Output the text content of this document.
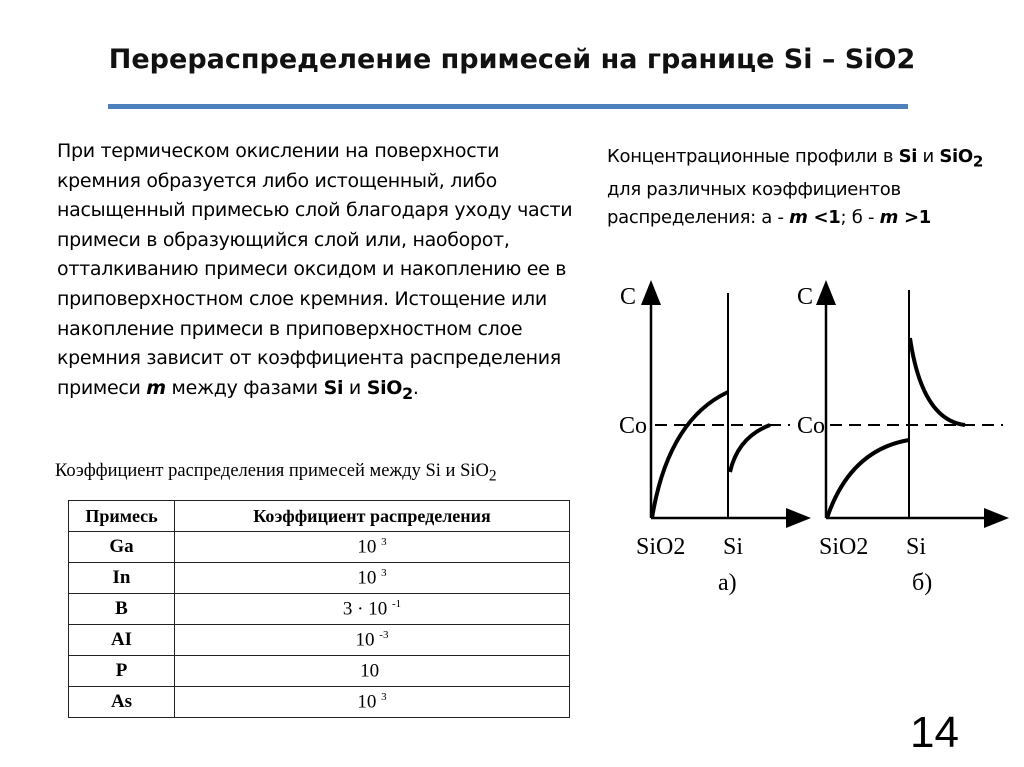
Перераспределение примесей на границе Si – SiO2
При термическом окислении на поверхности кремния образуется либо истощенный, либо насыщенный примесью слой благодаря уходу части примеси в образующийся слой или, наоборот, отталкиванию примеси оксидом и накоплению ее в приповерхностном слое кремния. Истощение или накопление примеси в приповерхностном слое кремния зависит от коэффициента распределения примеси m между фазами Si и SiO$_2$.
Концентрационные профили в Si и SiO$_2$ для различных коэффициентов распределения: а - m <1; б - m >1
Коэффициент распределения примесей между Si и SiO$_2$
Примесь	Коэффициент распределения
Ga	10 $^3$
In	10 $^3$
B	3 · 10 $^{-1}$
AI	10 $^{-3}$
P	10
As	10 $^3$
C
Co
SiO2 Si
а)
C
Co
SiO2 Si
б)
14
